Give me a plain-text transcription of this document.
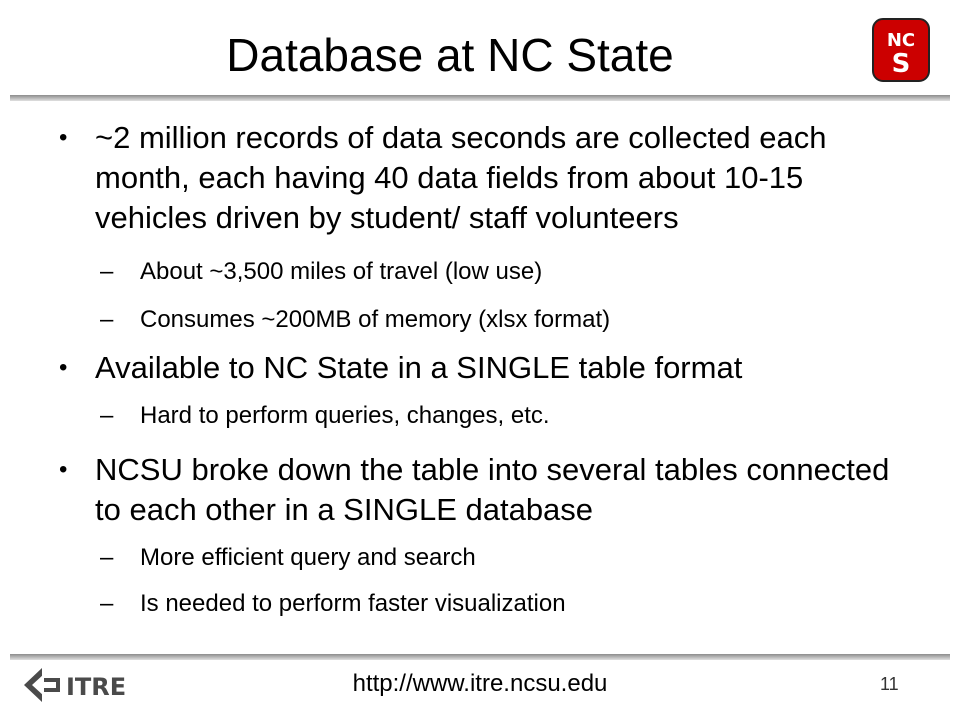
Database at NC State	NC
S
• ~2 million records of data seconds are collected each month, each having 40 data fields from about 10-15 vehicles driven by student/ staff volunteers
– About ~3,500 miles of travel (low use)
– Consumes ~200MB of memory (xlsx format)
• Available to NC State in a SINGLE table format
– Hard to perform queries, changes, etc.
• NCSU broke down the table into several tables connected to each other in a SINGLE database
– More efficient query and search
– Is needed to perform faster visualization
ITRE	http://www.itre.ncsu.edu	11
